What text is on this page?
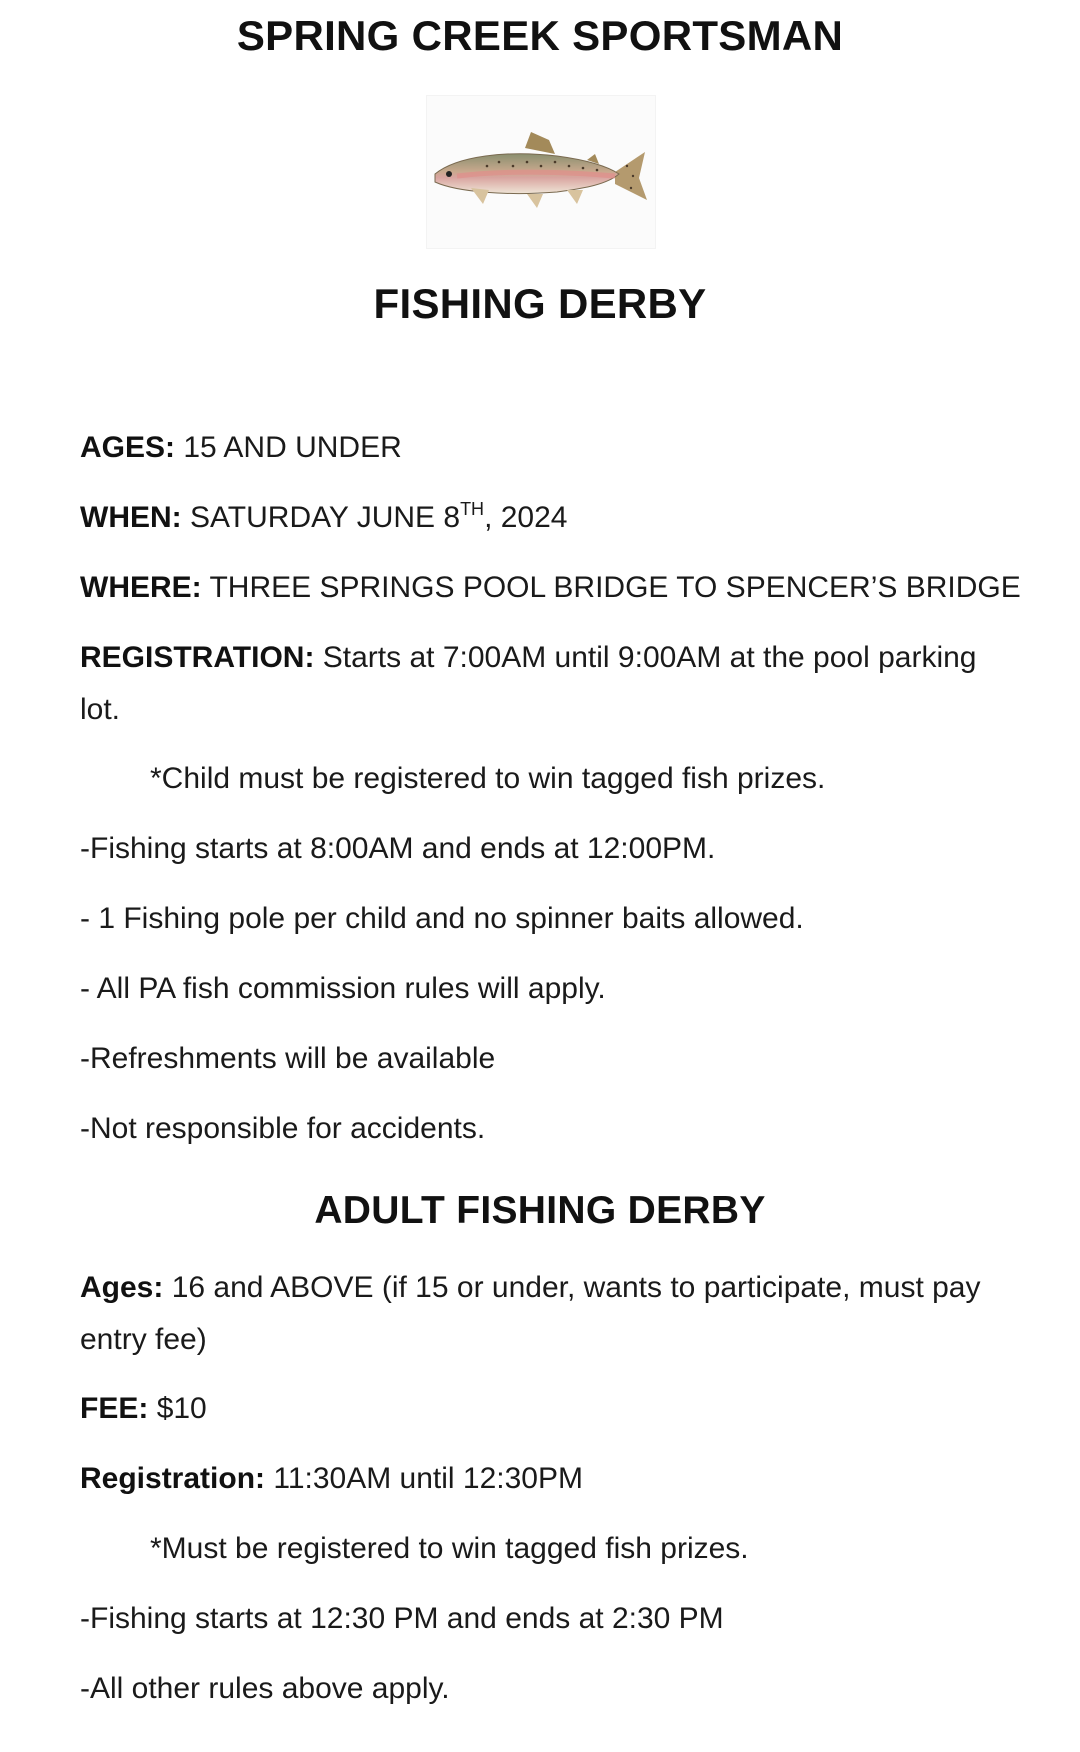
SPRING CREEK SPORTSMAN
FISHING DERBY
AGES: 15 AND UNDER
WHEN: SATURDAY JUNE 8TH, 2024
WHERE: THREE SPRINGS POOL BRIDGE TO SPENCER’S BRIDGE
REGISTRATION: Starts at 7:00AM until 9:00AM at the pool parking lot.
*Child must be registered to win tagged fish prizes.
-Fishing starts at 8:00AM and ends at 12:00PM.
- 1 Fishing pole per child and no spinner baits allowed.
- All PA fish commission rules will apply.
-Refreshments will be available
-Not responsible for accidents.
ADULT FISHING DERBY
Ages: 16 and ABOVE (if 15 or under, wants to participate, must pay entry fee)
FEE: $10
Registration: 11:30AM until 12:30PM
*Must be registered to win tagged fish prizes.
-Fishing starts at 12:30 PM and ends at 2:30 PM
-All other rules above apply.
